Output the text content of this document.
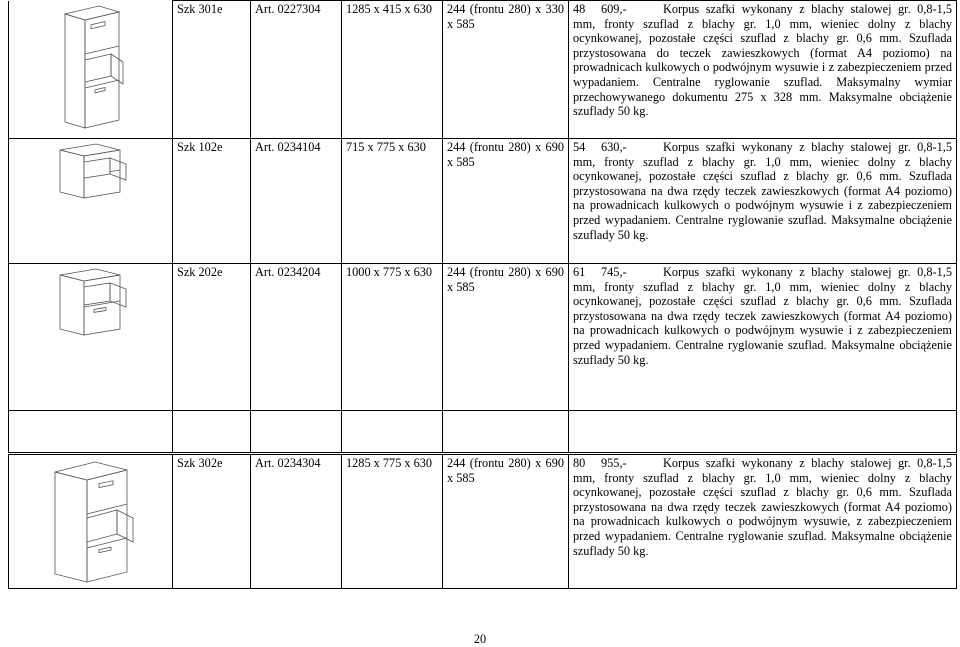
	Szk 301e	Art. 0227304	1285 x 415 x 630	244 (frontu 280) x 330 x 585	48 609,- Korpus szafki wykonany z blachy stalowej gr. 0,8-1,5 mm, fronty szuflad z blachy gr. 1,0 mm, wieniec dolny z blachy ocynkowanej, pozostałe części szuflad z blachy gr. 0,6 mm. Szuflada przystosowana do teczek zawieszkowych (format A4 poziomo) na prowadnicach kulkowych o podwójnym wysuwie i z zabezpieczeniem przed wypadaniem. Centralne ryglowanie szuflad. Maksymalny wymiar przechowywanego dokumentu 275 x 328 mm. Maksymalne obciążenie szuflady 50 kg.

	Szk 102e	Art. 0234104	715 x 775 x 630	244 (frontu 280) x 690 x 585	54 630,- Korpus szafki wykonany z blachy stalowej gr. 0,8-1,5 mm, fronty szuflad z blachy gr. 1,0 mm, wieniec dolny z blachy ocynkowanej, pozostałe części szuflad z blachy gr. 0,6 mm. Szuflada przystosowana na dwa rzędy teczek zawieszkowych (format A4 poziomo) na prowadnicach kulkowych o podwójnym wysuwie i z zabezpieczeniem przed wypadaniem. Centralne ryglowanie szuflad. Maksymalne obciążenie szuflady 50 kg.

	Szk 202e	Art. 0234204	1000 x 775 x 630	244 (frontu 280) x 690 x 585	61 745,- Korpus szafki wykonany z blachy stalowej gr. 0,8-1,5 mm, fronty szuflad z blachy gr. 1,0 mm, wieniec dolny z blachy ocynkowanej, pozostałe części szuflad z blachy gr. 0,6 mm. Szuflada przystosowana na dwa rzędy teczek zawieszkowych (format A4 poziomo) na prowadnicach kulkowych o podwójnym wysuwie i z zabezpieczeniem przed wypadaniem. Centralne ryglowanie szuflad. Maksymalne obciążenie szuflady 50 kg.

	Szk 302e	Art. 0234304	1285 x 775 x 630	244 (frontu 280) x 690 x 585	80 955,-	Korpus szafki wykonany z blachy stalowej gr. 0,8-1,5 mm, fronty szuflad z blachy gr. 1,0 mm, wieniec dolny z blachy ocynkowanej, pozostałe części szuflad z blachy gr. 0,6 mm. Szuflada przystosowana na dwa rzędy teczek zawieszkowych (format A4 poziomo) na prowadnicach kulkowych o podwójnym wysuwie, z zabezpieczeniem przed wypadaniem. Centralne ryglowanie szuflad. Maksymalne obciążenie szuflady 50 kg.
20
